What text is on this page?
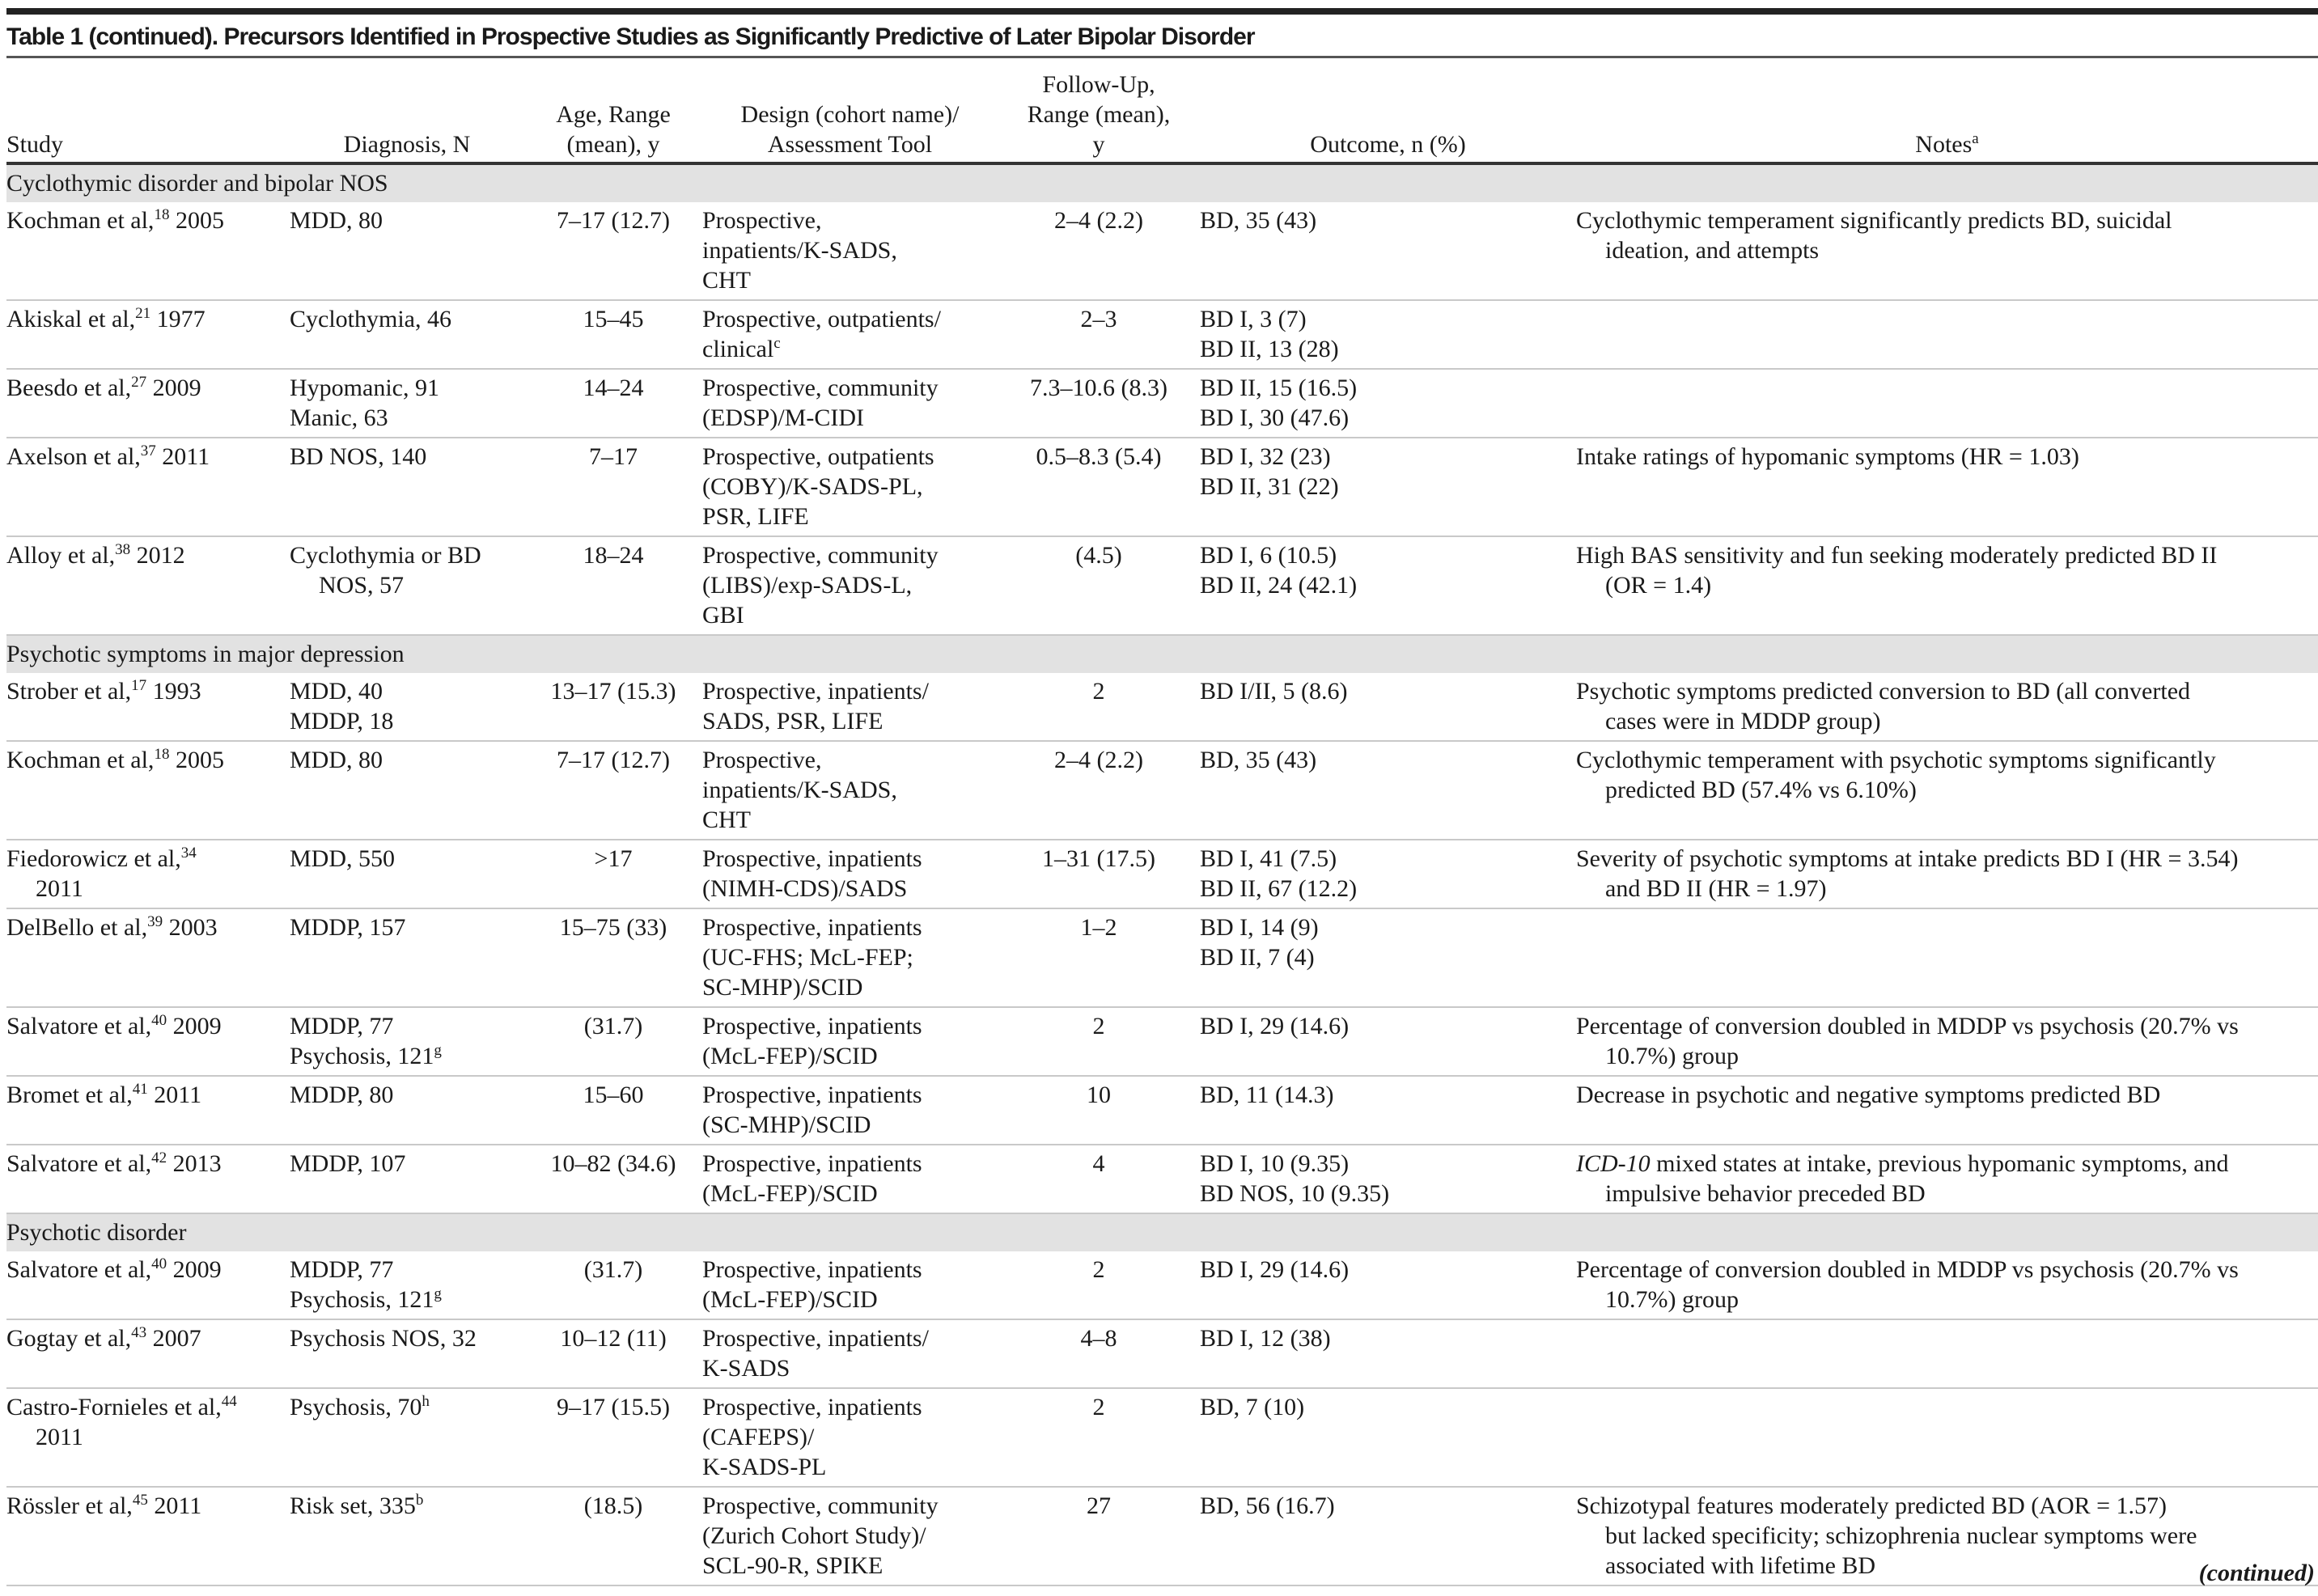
Table 1 (continued). Precursors Identified in Prospective Studies as Significantly Predictive of Later Bipolar Disorder
Study	Diagnosis, N	Age, Range
(mean), y	Design (cohort name)/
Assessment Tool	Follow-Up,
Range (mean),
y	Outcome, n (%)	Notes$^a$
Cyclothymic disorder and bipolar NOS						

Kochman et al,$^{18}$ 2005	MDD, 80	7–17 (12.7)	Prospective,
inpatients/K-SADS,
CHT	2–4 (2.2)	BD, 35 (43)	Cyclothymic temperament significantly predicts BD, suicidal
ideation, and attempts

Akiskal et al,$^{21}$ 1977	Cyclothymia, 46	15–45	Prospective, outpatients/
clinical$^c$	2–3	BD I, 3 (7)
BD II, 13 (28)	

Beesdo et al,$^{27}$ 2009	Hypomanic, 91
Manic, 63	14–24	Prospective, community
(EDSP)/M-CIDI	7.3–10.6 (8.3)	BD II, 15 (16.5)
BD I, 30 (47.6)	

Axelson et al,$^{37}$ 2011	BD NOS, 140	7–17	Prospective, outpatients
(COBY)/K-SADS-PL,
PSR, LIFE	0.5–8.3 (5.4)	BD I, 32 (23)
BD II, 31 (22)	Intake ratings of hypomanic symptoms (HR = 1.03)

Alloy et al,$^{38}$ 2012	Cyclothymia or BD
NOS, 57	18–24	Prospective, community
(LIBS)/exp-SADS-L,
GBI	(4.5)	BD I, 6 (10.5)
BD II, 24 (42.1)	High BAS sensitivity and fun seeking moderately predicted BD II
(OR = 1.4)

Psychotic symptoms in major depression						

Strober et al,$^{17}$ 1993	MDD, 40
MDDP, 18	13–17 (15.3)	Prospective, inpatients/
SADS, PSR, LIFE	2	BD I/II, 5 (8.6)	Psychotic symptoms predicted conversion to BD (all converted
cases were in MDDP group)

Kochman et al,$^{18}$ 2005	MDD, 80	7–17 (12.7)	Prospective,
inpatients/K-SADS,
CHT	2–4 (2.2)	BD, 35 (43)	Cyclothymic temperament with psychotic symptoms significantly
predicted BD (57.4% vs 6.10%)

Fiedorowicz et al,$^{34}$
2011	MDD, 550	>17	Prospective, inpatients
(NIMH-CDS)/SADS	1–31 (17.5)	BD I, 41 (7.5)
BD II, 67 (12.2)	Severity of psychotic symptoms at intake predicts BD I (HR = 3.54)
and BD II (HR = 1.97)

DelBello et al,$^{39}$ 2003	MDDP, 157	15–75 (33)	Prospective, inpatients
(UC-FHS; McL-FEP;
SC-MHP)/SCID	1–2	BD I, 14 (9)
BD II, 7 (4)	

Salvatore et al,$^{40}$ 2009	MDDP, 77
Psychosis, 121$^g$	(31.7)	Prospective, inpatients
(McL-FEP)/SCID	2	BD I, 29 (14.6)	Percentage of conversion doubled in MDDP vs psychosis (20.7% vs
10.7%) group

Bromet et al,$^{41}$ 2011	MDDP, 80	15–60	Prospective, inpatients
(SC-MHP)/SCID	10	BD, 11 (14.3)	Decrease in psychotic and negative symptoms predicted BD

Salvatore et al,$^{42}$ 2013	MDDP, 107	10–82 (34.6)	Prospective, inpatients
(McL-FEP)/SCID	4	BD I, 10 (9.35)
BD NOS, 10 (9.35)	ICD-10 mixed states at intake, previous hypomanic symptoms, and
impulsive behavior preceded BD

Psychotic disorder						

Salvatore et al,$^{40}$ 2009	MDDP, 77
Psychosis, 121$^g$	(31.7)	Prospective, inpatients
(McL-FEP)/SCID	2	BD I, 29 (14.6)	Percentage of conversion doubled in MDDP vs psychosis (20.7% vs
10.7%) group

Gogtay et al,$^{43}$ 2007	Psychosis NOS, 32	10–12 (11)	Prospective, inpatients/
K-SADS	4–8	BD I, 12 (38)	

Castro-Fornieles et al,$^{44}$
2011	Psychosis, 70$^h$	9–17 (15.5)	Prospective, inpatients
(CAFEPS)/
K-SADS-PL	2	BD, 7 (10)	

Rössler et al,$^{45}$ 2011	Risk set, 335$^b$	(18.5)	Prospective, community
(Zurich Cohort Study)/
SCL-90-R, SPIKE	27	BD, 56 (16.7)	Schizotypal features moderately predicted BD (AOR = 1.57)
but lacked specificity; schizophrenia nuclear symptoms were
associated with lifetime BD	(continued)
